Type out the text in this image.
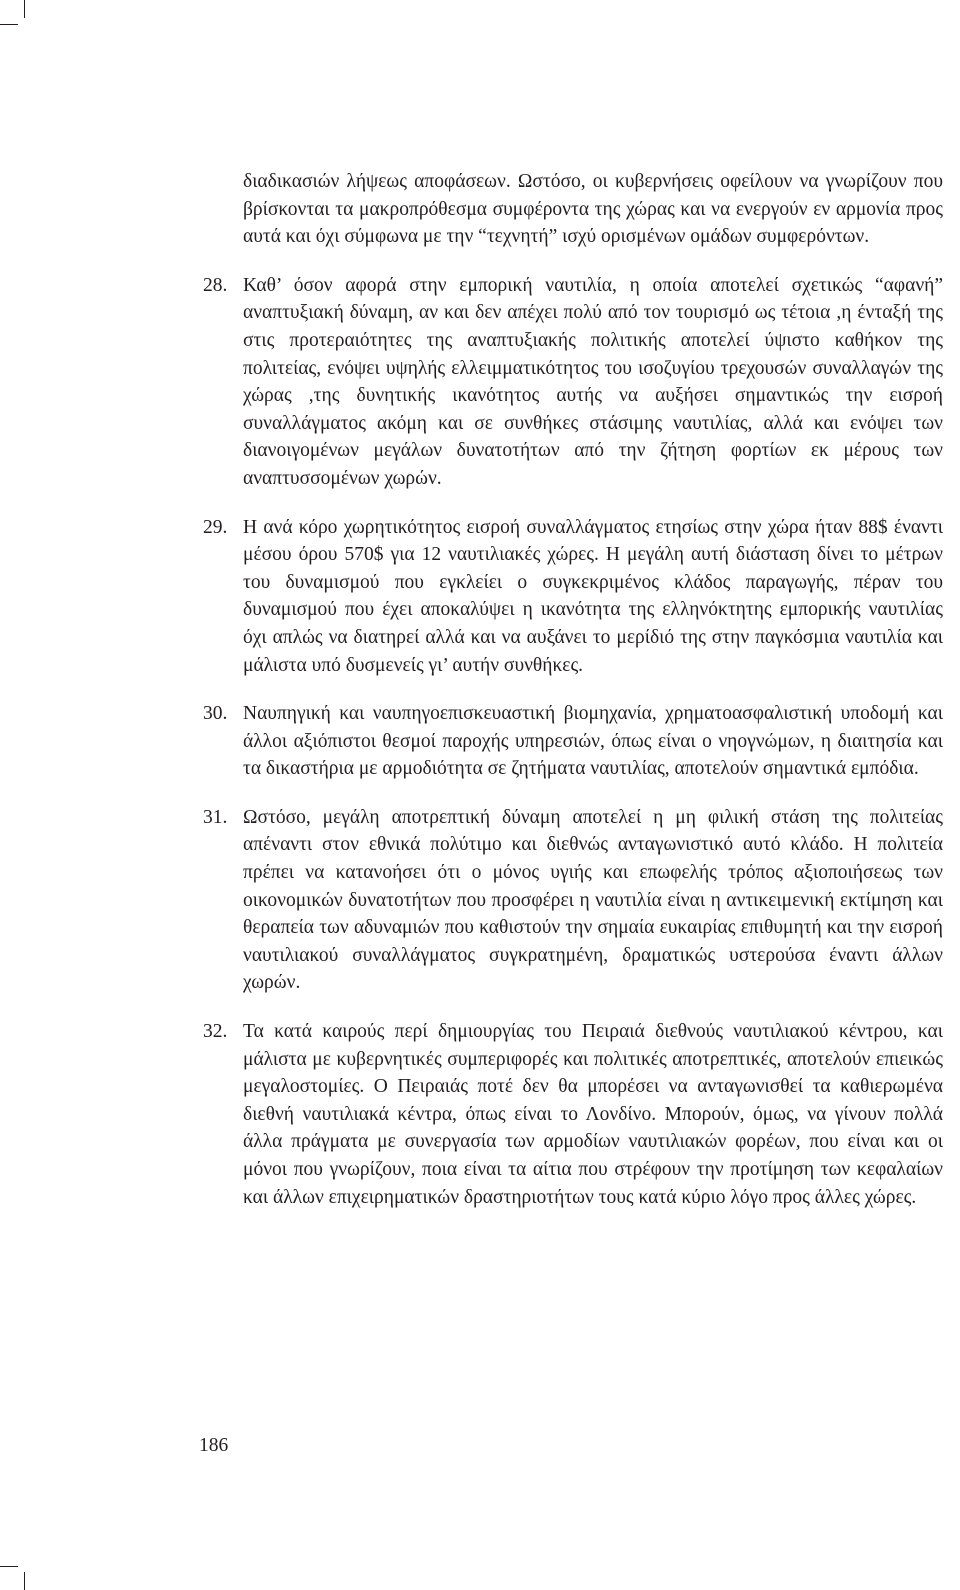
διαδικασιών λήψεως αποφάσεων. Ωστόσο, οι κυβερνήσεις οφείλουν να γνωρίζουν που βρίσκονται τα μακροπρόθεσμα συμφέροντα της χώρας και να ενεργούν εν αρμονία προς αυτά και όχι σύμφωνα με την “τεχνητή” ισχύ ορισμένων ομάδων συμφερόντων.

28. Καθ’ όσον αφορά στην εμπορική ναυτιλία, η οποία αποτελεί σχετικώς “αφανή” αναπτυξιακή δύναμη, αν και δεν απέχει πολύ από τον τουρισμό ως τέτοια ,η ένταξή της στις προτεραιότητες της αναπτυξιακής πολιτικής αποτελεί ύψιστο καθήκον της πολιτείας, ενόψει υψηλής ελλειμματικότητος του ισοζυγίου τρεχουσών συναλλαγών της χώρας ,της δυνητικής ικανότητος αυτής να αυξήσει σημαντικώς την εισροή συναλλάγματος ακόμη και σε συνθήκες στάσιμης ναυτιλίας, αλλά και ενόψει των διανοιγομένων μεγάλων δυνατοτήτων από την ζήτηση φορτίων εκ μέρους των αναπτυσσομένων χωρών.
29. Η ανά κόρο χωρητικότητος εισροή συναλλάγματος ετησίως στην χώρα ήταν 88$ έναντι μέσου όρου 570$ για 12 ναυτιλιακές χώρες. Η μεγάλη αυτή διάσταση δίνει το μέτρων του δυναμισμού που εγκλείει ο συγκεκριμένος κλάδος παραγωγής, πέραν του δυναμισμού που έχει αποκαλύψει η ικανότητα της ελληνόκτητης εμπορικής ναυτιλίας όχι απλώς να διατηρεί αλλά και να αυξάνει το μερίδιό της στην παγκόσμια ναυτιλία και μάλιστα υπό δυσμενείς γι’ αυτήν συνθήκες.
30. Ναυπηγική και ναυπηγοεπισκευαστική βιομηχανία, χρηματοασφαλιστική υποδομή και άλλοι αξιόπιστοι θεσμοί παροχής υπηρεσιών, όπως είναι ο νηογνώμων, η διαιτησία και τα δικαστήρια με αρμοδιότητα σε ζητήματα ναυτιλίας, αποτελούν σημαντικά εμπόδια.
31. Ωστόσο, μεγάλη αποτρεπτική δύναμη αποτελεί η μη φιλική στάση της πολιτείας απέναντι στον εθνικά πολύτιμο και διεθνώς ανταγωνιστικό αυτό κλάδο. Η πολιτεία πρέπει να κατανοήσει ότι ο μόνος υγιής και επωφελής τρόπος αξιοποιήσεως των οικονομικών δυνατοτήτων που προσφέρει η ναυτιλία είναι η αντικειμενική εκτίμηση και θεραπεία των αδυναμιών που καθιστούν την σημαία ευκαιρίας επιθυμητή και την εισροή ναυτιλιακού συναλλάγματος συγκρατημένη, δραματικώς υστερούσα έναντι άλλων χωρών.
32. Τα κατά καιρούς περί δημιουργίας του Πειραιά διεθνούς ναυτιλιακού κέντρου, και μάλιστα με κυβερνητικές συμπεριφορές και πολιτικές αποτρεπτικές, αποτελούν επιεικώς μεγαλοστομίες. Ο Πειραιάς ποτέ δεν θα μπορέσει να ανταγωνισθεί τα καθιερωμένα διεθνή ναυτιλιακά κέντρα, όπως είναι το Λονδίνο. Μπορούν, όμως, να γίνουν πολλά άλλα πράγματα με συνεργασία των αρμοδίων ναυτιλιακών φορέων, που είναι και οι μόνοι που γνωρίζουν, ποια είναι τα αίτια που στρέφουν την προτίμηση των κεφαλαίων και άλλων επιχειρηματικών δραστηριοτήτων τους κατά κύριο λόγο προς άλλες χώρες.
186
